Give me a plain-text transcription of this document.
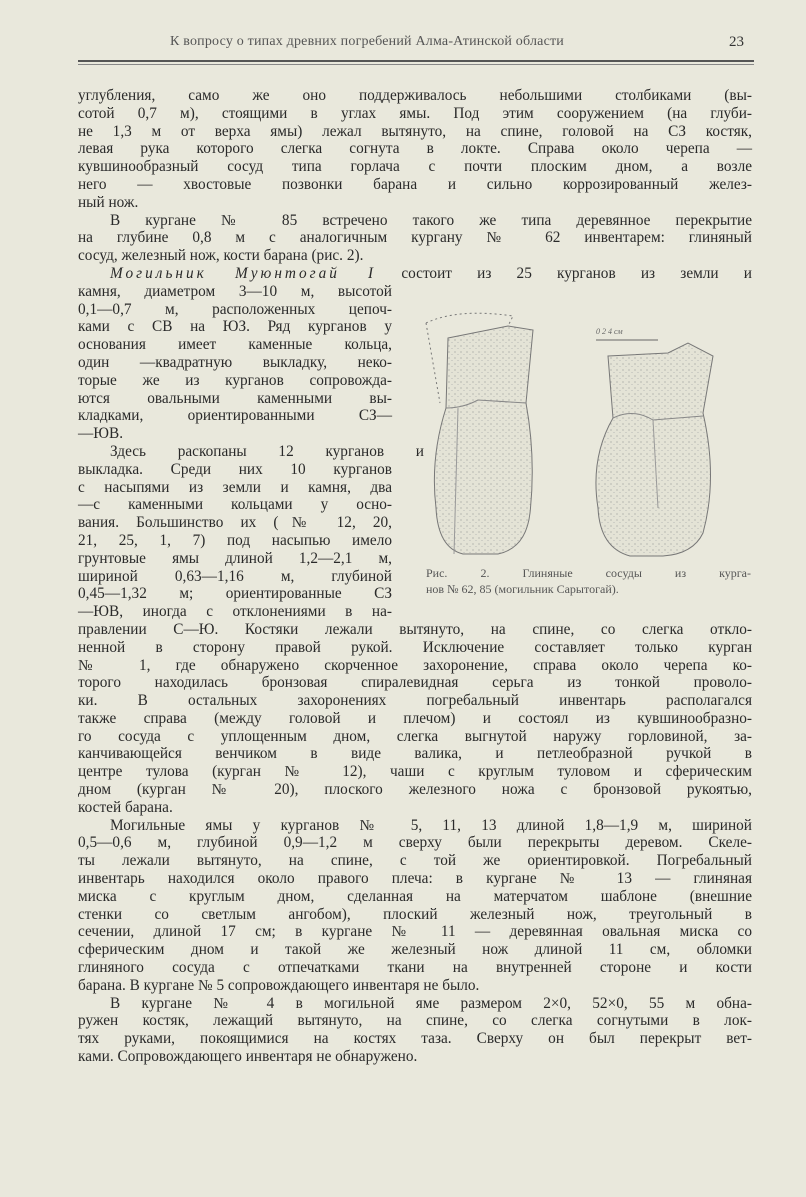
К вопросу о типах древних погребений Алма-Атинской области	23
углубления, само же оно поддерживалось небольшими столбиками (вы-
сотой 0,7 м), стоящими в углах ямы. Под этим сооружением (на глуби-
не 1,3 м от верха ямы) лежал вытянуто, на спине, головой на СЗ костяк,
левая рука которого слегка согнута в локте. Справа около черепа —
кувшинообразный сосуд типа горлача с почти плоским дном, а возле
него — хвостовые позвонки барана и сильно коррозированный желез-
ный нож.
В кургане № 85 встречено такого же типа деревянное перекрытие
на глубине 0,8 м с аналогичным кургану № 62 инвентарем: глиняный
сосуд, железный нож, кости барана (рис. 2).
Могильник Муюнтогай I состоит из 25 курганов из земли и
камня, диаметром 3—10 м, высотой
0,1—0,7 м, расположенных цепоч-
ками с СВ на ЮЗ. Ряд курганов у
основания имеет каменные кольца,
один —квадратную выкладку, неко-
торые же из курганов сопровожда-
ются овальными каменными вы-
кладками, ориентированными СЗ—
—ЮВ.
Здесь раскопаны 12 курганов и
выкладка. Среди них 10 курганов
с насыпями из земли и камня, два
—с каменными кольцами у осно-
вания. Большинство их (№ 12, 20,
21, 25, 1, 7) под насыпью имело
грунтовые ямы длиной 1,2—2,1 м,
шириной 0,63—1,16 м, глубиной
0,45—1,32 м; ориентированные СЗ
—ЮВ, иногда с отклонениями в на-
правлении С—Ю. Костяки лежали вытянуто, на спине, со слегка откло-
ненной в сторону правой рукой. Исключение составляет только курган
№ 1, где обнаружено скорченное захоронение, справа около черепа ко-
торого находилась бронзовая спиралевидная серьга из тонкой проволо-
ки. В остальных захоронениях погребальный инвентарь располагался
также справа (между головой и плечом) и состоял из кувшинообразно-
го сосуда с уплощенным дном, слегка выгнутой наружу горловиной, за-
канчивающейся венчиком в виде валика, и петлеобразной ручкой в
центре тулова (курган № 12), чаши с круглым туловом и сферическим
дном (курган № 20), плоского железного ножа с бронзовой рукоятью,
костей барана.
Могильные ямы у курганов № 5, 11, 13 длиной 1,8—1,9 м, шириной
0,5—0,6 м, глубиной 0,9—1,2 м сверху были перекрыты деревом. Скеле-
ты лежали вытянуто, на спине, с той же ориентировкой. Погребальный
инвентарь находился около правого плеча: в кургане № 13 — глиняная
миска с круглым дном, сделанная на матерчатом шаблоне (внешние
стенки со светлым ангобом), плоский железный нож, треугольный в
сечении, длиной 17 см; в кургане № 11 — деревянная овальная миска со
сферическим дном и такой же железный нож длиной 11 см, обломки
глиняного сосуда с отпечатками ткани на внутренней стороне и кости
барана. В кургане № 5 сопровождающего инвентаря не было.
В кургане № 4 в могильной яме размером 2×0, 52×0, 55 м обна-
ружен костяк, лежащий вытянуто, на спине, со слегка согнутыми в лок-
тях руками, покоящимися на костях таза. Сверху он был перекрыт вет-
ками. Сопровождающего инвентаря не обнаружено.
0 2 4 см
Рис. 2. Глиняные сосуды из курга-
нов № 62, 85 (могильник Сарытогай).
